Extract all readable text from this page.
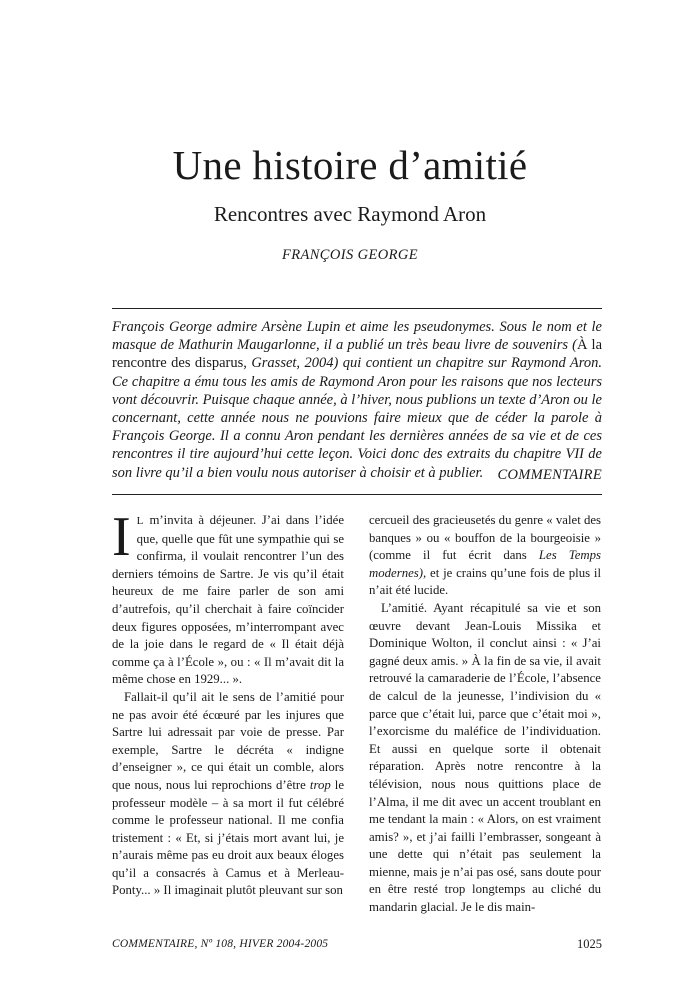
Une histoire d’amitié
Rencontres avec Raymond Aron
FRANÇOIS GEORGE
François George admire Arsène Lupin et aime les pseudonymes. Sous le nom et le masque de Mathurin Maugarlonne, il a publié un très beau livre de souvenirs (À la rencontre des disparus, Grasset, 2004) qui contient un chapitre sur Raymond Aron. Ce chapitre a ému tous les amis de Raymond Aron pour les raisons que nos lecteurs vont découvrir. Puisque chaque année, à l’hiver, nous publions un texte d’Aron ou le concernant, cette année nous ne pouvions faire mieux que de céder la parole à François George. Il a connu Aron pendant les dernières années de sa vie et de ces rencontres il tire aujourd’hui cette leçon. Voici donc des extraits du chapitre VII de son livre qu’il a bien voulu nous autoriser à choisir et à publier. COMMENTAIRE

I L m’invita à déjeuner. J’ai dans l’idée que, quelle que fût une sympathie qui se confirma, il voulait rencontrer l’un des derniers témoins de Sartre. Je vis qu’il était heureux de me faire parler de son ami d’autrefois, qu’il cherchait à faire coïncider deux figures opposées, m’interrompant avec de la joie dans le regard de « Il était déjà comme ça à l’École », ou : « Il m’avait dit la même chose en 1929... ».

Fallait-il qu’il ait le sens de l’amitié pour ne pas avoir été écœuré par les injures que Sartre lui adressait par voie de presse. Par exemple, Sartre le décréta « indigne d’enseigner », ce qui était un comble, alors que nous, nous lui reprochions d’être trop le professeur modèle – à sa mort il fut célébré comme le professeur national. Il me confia tristement : « Et, si j’étais mort avant lui, je n’aurais même pas eu droit aux beaux éloges qu’il a consacrés à Camus et à Merleau-Ponty... » Il imaginait plutôt pleuvant sur son

cercueil des gracieusetés du genre « valet des banques » ou « bouffon de la bourgeoisie » (comme il fut écrit dans Les Temps modernes), et je crains qu’une fois de plus il n’ait été lucide.

L’amitié. Ayant récapitulé sa vie et son œuvre devant Jean-Louis Missika et Dominique Wolton, il conclut ainsi : « J’ai gagné deux amis. » À la fin de sa vie, il avait retrouvé la camaraderie de l’École, l’absence de calcul de la jeunesse, l’indivision du « parce que c’était lui, parce que c’était moi », l’exorcisme du maléfice de l’individuation. Et aussi en quelque sorte il obtenait réparation. Après notre rencontre à la télévision, nous nous quittions place de l’Alma, il me dit avec un accent troublant en me tendant la main : « Alors, on est vraiment amis? », et j’ai failli l’embrasser, songeant à une dette qui n’était pas seulement la mienne, mais je n’ai pas osé, sans doute pour en être resté trop longtemps au cliché du mandarin glacial. Je le dis main-

COMMENTAIRE, Nº 108, HIVER 2004-2005	1025
